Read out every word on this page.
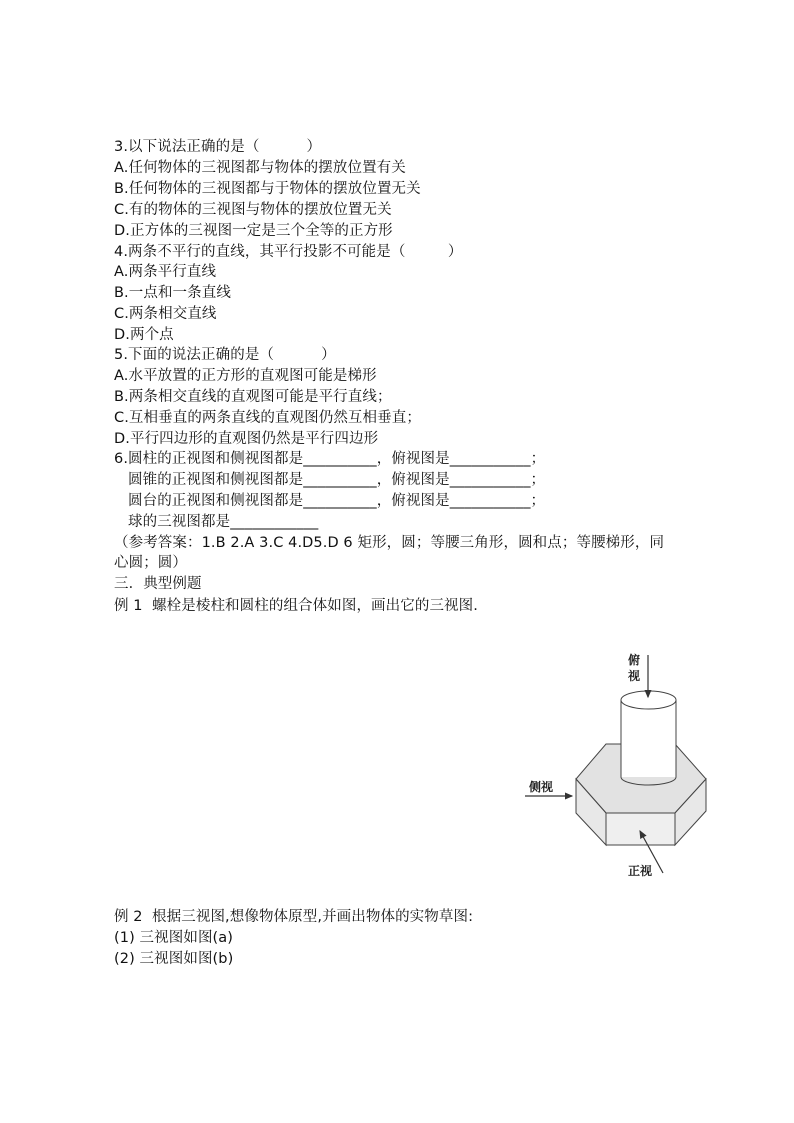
3.以下说法正确的是（          ）
A.任何物体的三视图都与物体的摆放位置有关
B.任何物体的三视图都与于物体的摆放位置无关
C.有的物体的三视图与物体的摆放位置无关
D.正方体的三视图一定是三个全等的正方形
4.两条不平行的直线，其平行投影不可能是（         ）
A.两条平行直线
B.一点和一条直线
C.两条相交直线
D.两个点
5.下面的说法正确的是（          ）
A.水平放置的正方形的直观图可能是梯形
B.两条相交直线的直观图可能是平行直线；
C.互相垂直的两条直线的直观图仍然互相垂直；
D.平行四边形的直观图仍然是平行四边形
6.圆柱的正视图和侧视图都是__________，俯视图是___________；
圆锥的正视图和侧视图都是__________，俯视图是___________；
圆台的正视图和侧视图都是__________，俯视图是___________；
球的三视图都是____________
（参考答案：1.B 2.A 3.C 4.D5.D 6 矩形，圆；等腰三角形，圆和点；等腰梯形，同
心圆；圆）
三．典型例题
例 1  螺栓是棱柱和圆柱的组合体如图，画出它的三视图.
俯
视
侧视
正视
例 2  根据三视图,想像物体原型,并画出物体的实物草图:
(1) 三视图如图(a)
(2) 三视图如图(b)
